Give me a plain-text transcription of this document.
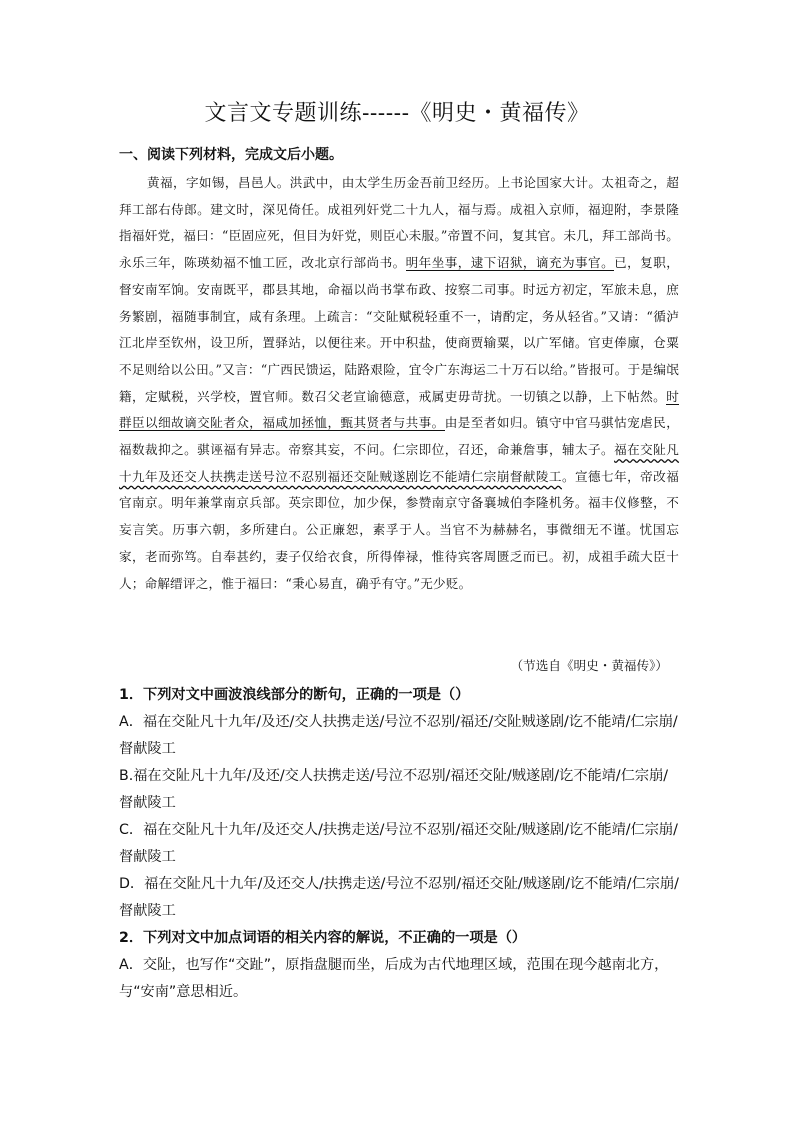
文言文专题训练------《明史・黄福传》
一、阅读下列材料，完成文后小题。
黄福，字如锡，昌邑人。洪武中，由太学生历金吾前卫经历。上书论国家大计。太祖奇之，超拜工部右侍郎。建文时，深见倚任。成祖列奸党二十九人，福与焉。成祖入京师，福迎附，李景隆指福奸党，福曰：“臣固应死，但目为奸党，则臣心未服。”帝置不问，复其官。未几，拜工部尚书。永乐三年，陈瑛劾福不恤工匠，改北京行部尚书。明年坐事，逮下诏狱，谪充为事官。已，复职，督安南军饷。安南既平，郡县其地，命福以尚书掌布政、按察二司事。时远方初定，军旅未息，庶务繁剧，福随事制宜，咸有条理。上疏言：“交阯赋税轻重不一，请酌定，务从轻省。”又请：“循泸江北岸至钦州，设卫所，置驿站，以便往来。开中积盐，使商贾输粟，以广军储。官吏俸廪，仓粟不足则给以公田。”又言：“广西民馈运，陆路艰险，宜令广东海运二十万石以给。”皆报可。于是编氓籍，定赋税，兴学校，置官师。数召父老宣谕德意，戒属吏毋苛扰。一切镇之以静，上下帖然。时群臣以细故谪交阯者众，福咸加拯恤，甄其贤者与共事。由是至者如归。镇守中官马骐怙宠虐民，福数裁抑之。骐诬福有异志。帝察其妄，不问。仁宗即位，召还，命兼詹事，辅太子。福在交阯凡十九年及还交人扶携走送号泣不忍别福还交阯贼遂剧讫不能靖仁宗崩督献陵工。宣德七年，帝改福官南京。明年兼掌南京兵部。英宗即位，加少保，参赞南京守备襄城伯李隆机务。福丰仪修整，不妄言笑。历事六朝，多所建白。公正廉恕，素孚于人。当官不为赫赫名，事微细无不谨。忧国忘家，老而弥笃。自奉甚约，妻子仅给衣食，所得俸禄，惟待宾客周匮乏而已。初，成祖手疏大臣十人；命解缙评之，惟于福曰：“秉心易直，确乎有守。”无少贬。
（节选自《明史・黄福传》）

1．下列对文中画波浪线部分的断句，正确的一项是（）

A．福在交阯凡十九年/及还/交人扶携走送/号泣不忍别/福还/交阯贼遂剧/讫不能靖/仁宗崩/督献陵工

B.福在交阯凡十九年/及还/交人扶携走送/号泣不忍别/福还交阯/贼遂剧/讫不能靖/仁宗崩/督献陵工

C．福在交阯凡十九年/及还交人/扶携走送/号泣不忍别/福还交阯/贼遂剧/讫不能靖/仁宗崩/督献陵工

D．福在交阯凡十九年/及还交人/扶携走送/号泣不忍别/福还交阯/贼遂剧/讫不能靖/仁宗崩/督献陵工

2．下列对文中加点词语的相关内容的解说，不正确的一项是（）

A．交阯，也写作“交趾”，原指盘腿而坐，后成为古代地理区域，范围在现今越南北方，与“安南”意思相近。
